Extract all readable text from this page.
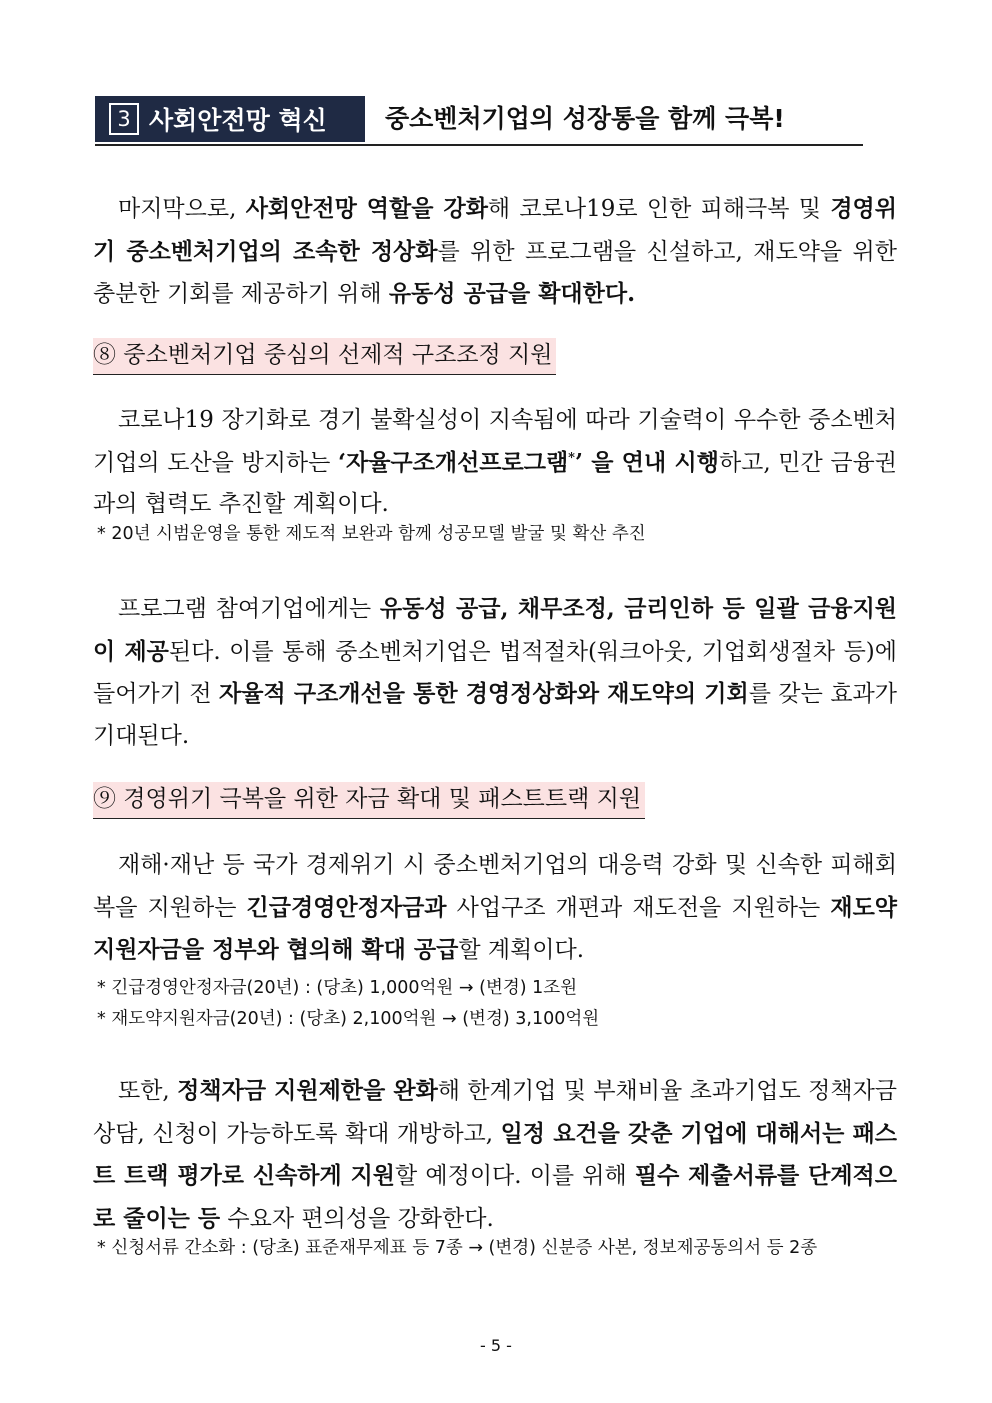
3 사회안전망 혁신 중소벤처기업의 성장통을 함께 극복!
마지막으로, 사회안전망 역할을 강화해 코로나19로 인한 피해극복 및 경영위기 중소벤처기업의 조속한 정상화를 위한 프로그램을 신설하고, 재도약을 위한 충분한 기회를 제공하기 위해 유동성 공급을 확대한다.
⑧ 중소벤처기업 중심의 선제적 구조조정 지원
코로나19 장기화로 경기 불확실성이 지속됨에 따라 기술력이 우수한 중소벤처기업의 도산을 방지하는 ‘자율구조개선프로그램*’ 을 연내 시행하고, 민간 금융권과의 협력도 추진할 계획이다.
* 20년 시범운영을 통한 제도적 보완과 함께 성공모델 발굴 및 확산 추진
프로그램 참여기업에게는 유동성 공급, 채무조정, 금리인하 등 일괄 금융지원이 제공된다. 이를 통해 중소벤처기업은 법적절차(워크아웃, 기업회생절차 등)에 들어가기 전 자율적 구조개선을 통한 경영정상화와 재도약의 기회를 갖는 효과가 기대된다.
⑨ 경영위기 극복을 위한 자금 확대 및 패스트트랙 지원
재해·재난 등 국가 경제위기 시 중소벤처기업의 대응력 강화 및 신속한 피해회복을 지원하는 긴급경영안정자금과 사업구조 개편과 재도전을 지원하는 재도약지원자금을 정부와 협의해 확대 공급할 계획이다.
* 긴급경영안정자금(20년) : (당초) 1,000억원 → (변경) 1조원
* 재도약지원자금(20년) : (당초) 2,100억원 → (변경) 3,100억원
또한, 정책자금 지원제한을 완화해 한계기업 및 부채비율 초과기업도 정책자금 상담, 신청이 가능하도록 확대 개방하고, 일정 요건을 갖춘 기업에 대해서는 패스트 트랙 평가로 신속하게 지원할 예정이다. 이를 위해 필수 제출서류를 단계적으로 줄이는 등 수요자 편의성을 강화한다.
* 신청서류 간소화 : (당초) 표준재무제표 등 7종 → (변경) 신분증 사본, 정보제공동의서 등 2종
- 5 -
